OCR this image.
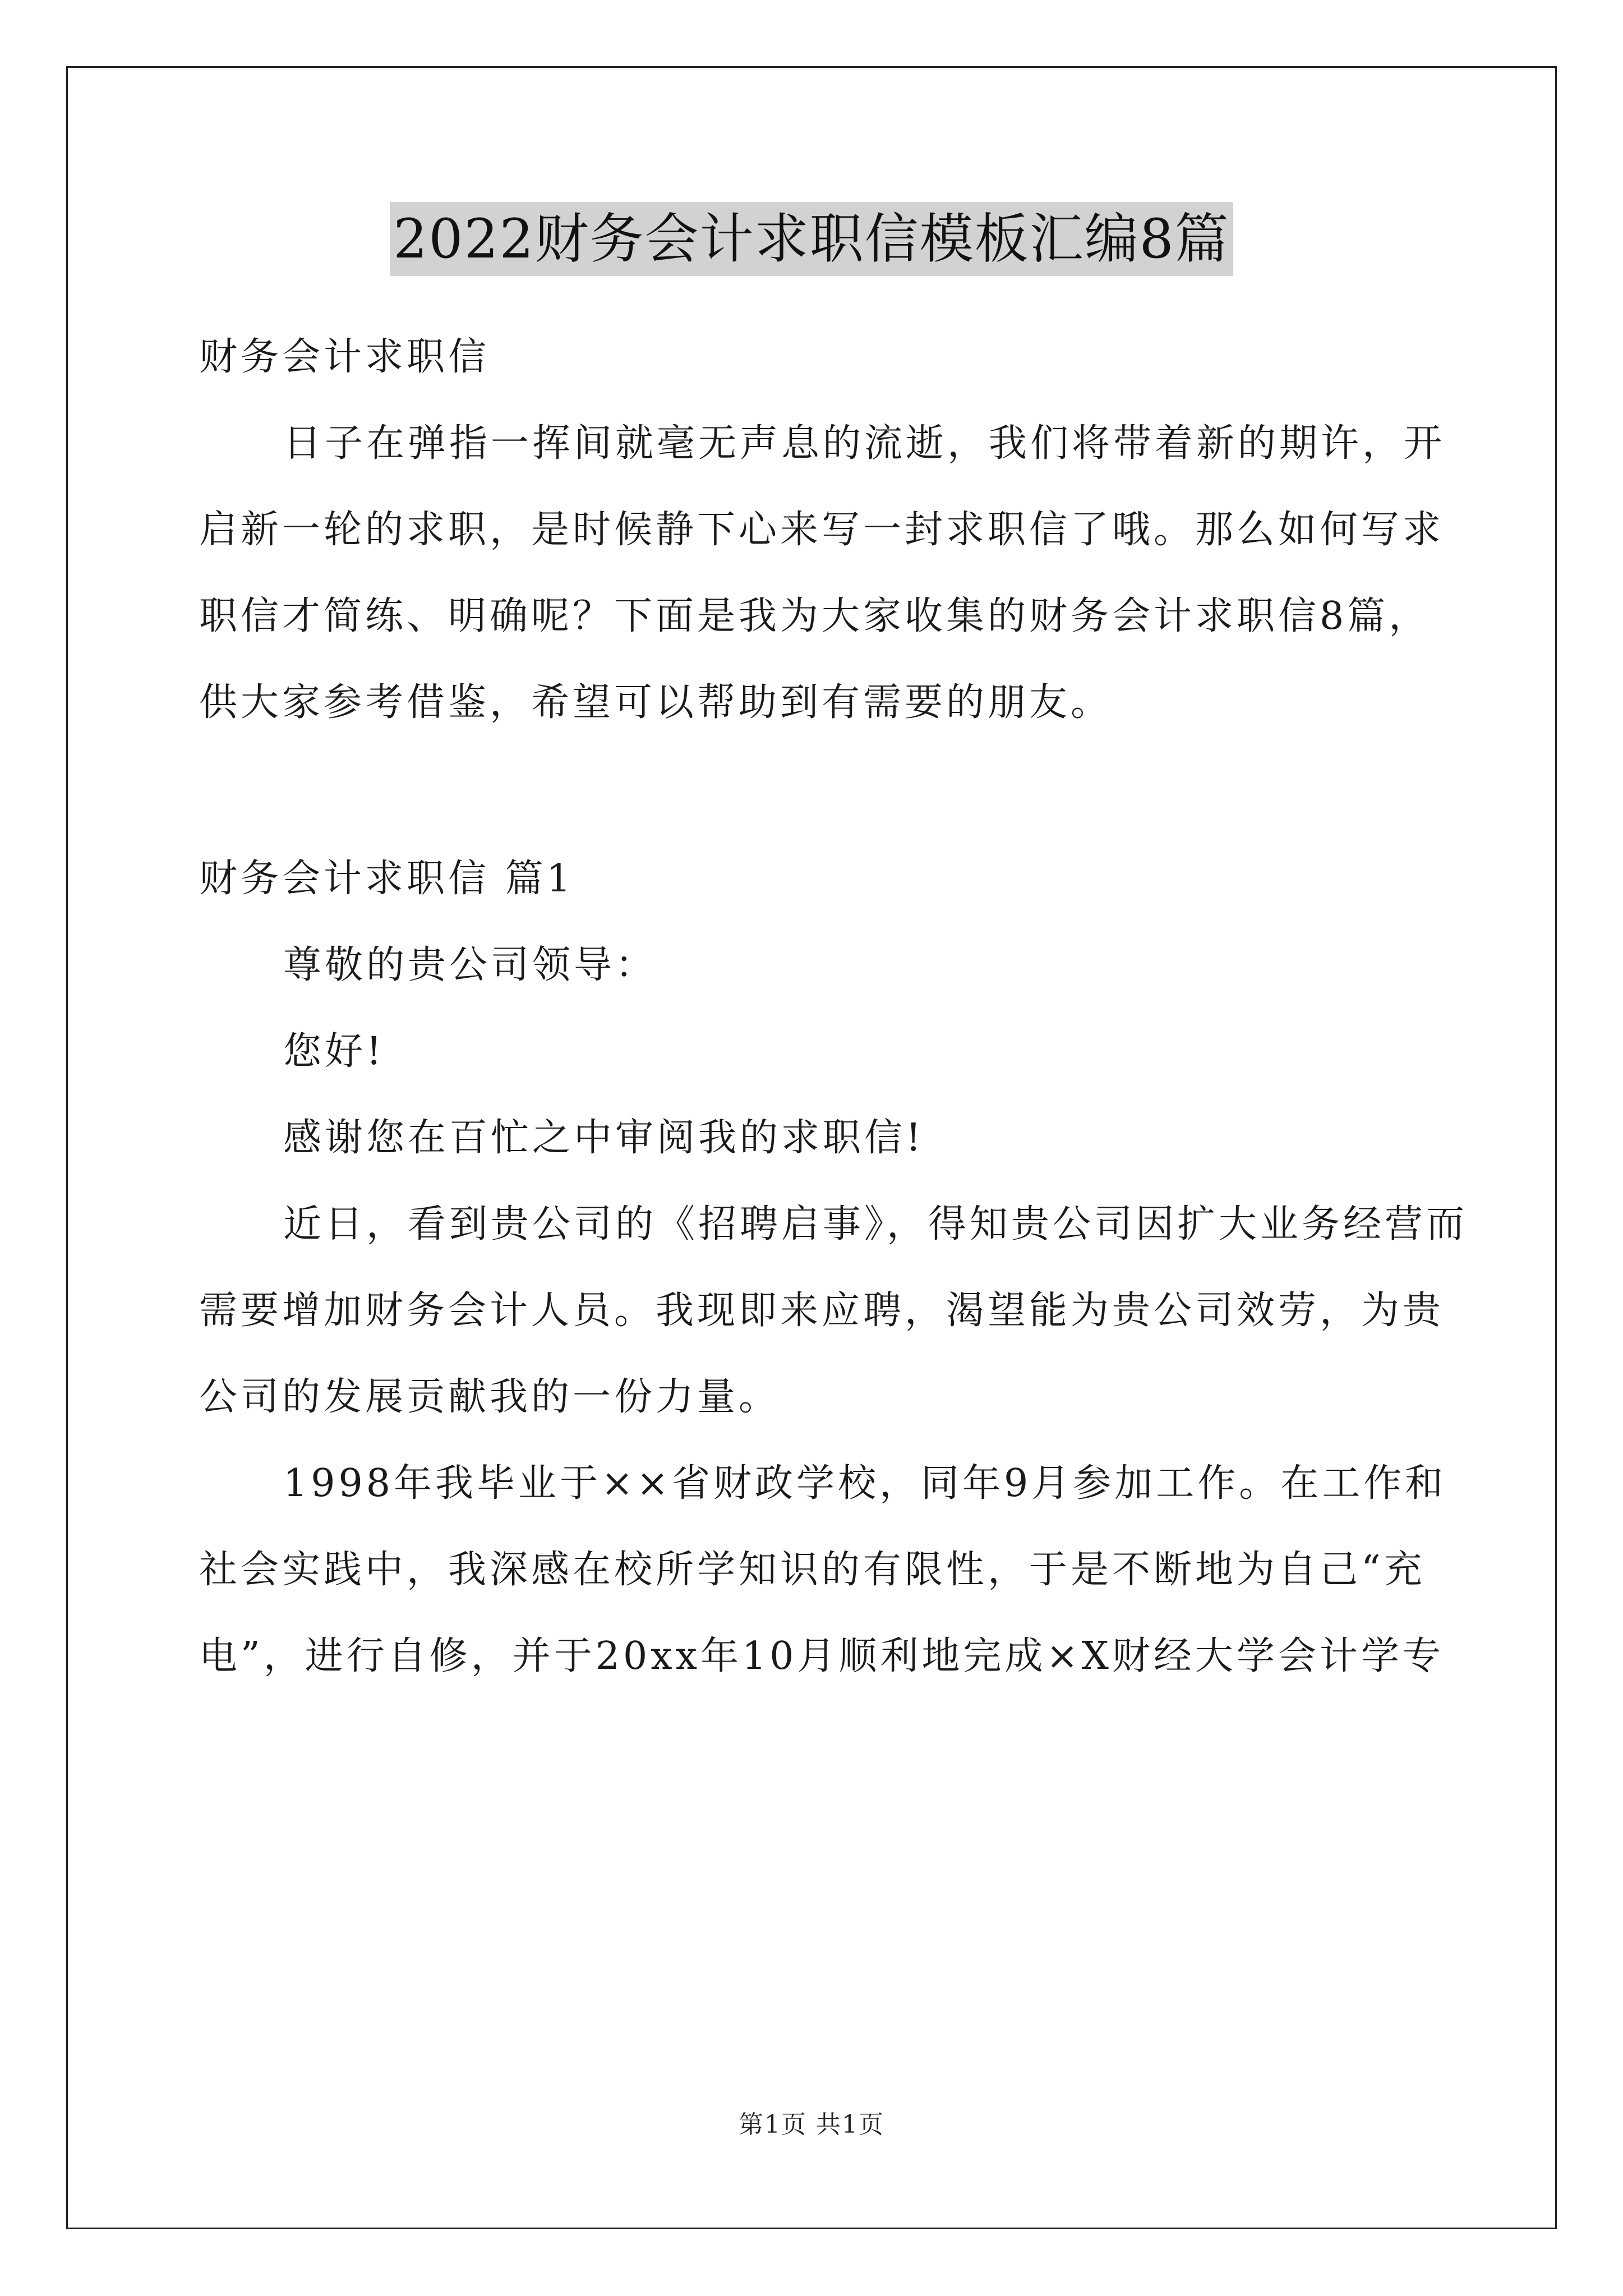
2022财务会计求职信模板汇编8篇
财务会计求职信
日子在弹指一挥间就毫无声息的流逝，我们将带着新的期许，开
启新一轮的求职，是时候静下心来写一封求职信了哦。那么如何写求
职信才简练、明确呢？下面是我为大家收集的财务会计求职信8篇，
供大家参考借鉴，希望可以帮助到有需要的朋友。
财务会计求职信 篇1
尊敬的贵公司领导：
您好!
感谢您在百忙之中审阅我的求职信!
近日，看到贵公司的《招聘启事》，得知贵公司因扩大业务经营而
需要增加财务会计人员。我现即来应聘，渴望能为贵公司效劳，为贵
公司的发展贡献我的一份力量。
1998年我毕业于××省财政学校，同年9月参加工作。在工作和
社会实践中，我深感在校所学知识的有限性，于是不断地为自己“充
电”，进行自修，并于20xx年10月顺利地完成×X财经大学会计学专
第1页 共1页
